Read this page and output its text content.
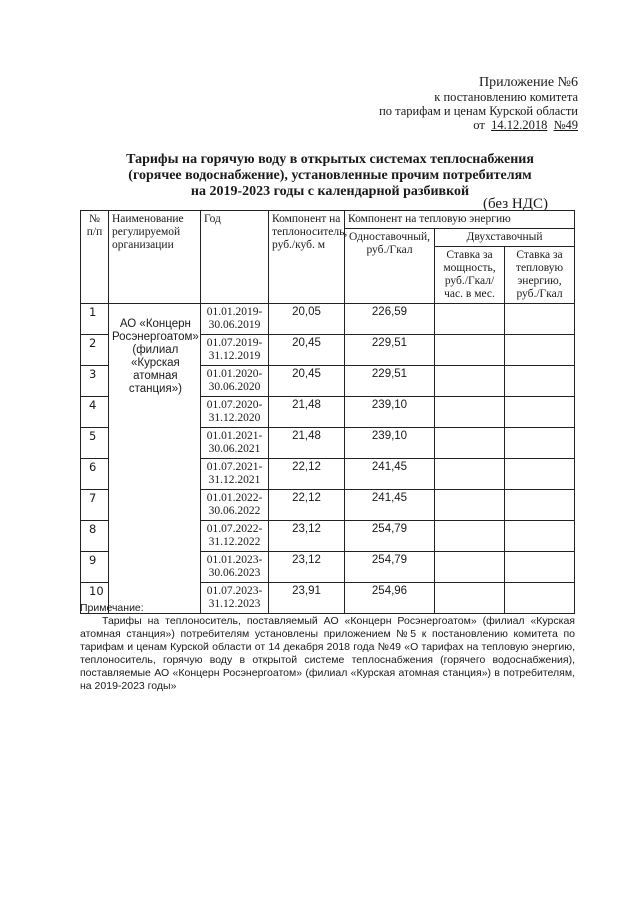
Приложение №6
к постановлению комитета
по тарифам и ценам Курской области
от 14.12.2018 №49
Тарифы на горячую воду в открытых системах теплоснабжения
(горячее водоснабжение), установленные прочим потребителям
на 2019-2023 годы с календарной разбивкой
(без НДС)
№ п/п	Наименование регулируемой организации	Год	Компонент на теплоноситель, руб./куб. м	Компонент на тепловую энергию		
				Одноставочный, руб./Гкал	Двухставочный	
					Ставка за мощность, руб./Гкал/час. в мес.	Ставка за тепловую энергию, руб./Гкал
1	АО «Концерн Росэнергоатом» (филиал «Курская атомная станция»)	01.01.2019-30.06.2019	20,05	226,59		
2		01.07.2019-31.12.2019	20,45	229,51		
3		01.01.2020-30.06.2020	20,45	229,51		
4		01.07.2020-31.12.2020	21,48	239,10		
5		01.01.2021-30.06.2021	21,48	239,10		
6		01.07.2021-31.12.2021	22,12	241,45		
7		01.01.2022-30.06.2022	22,12	241,45		
8		01.07.2022-31.12.2022	23,12	254,79		
9		01.01.2023-30.06.2023	23,12	254,79		
10		01.07.2023-31.12.2023	23,91	254,96		
Примечание:
Тарифы на теплоноситель, поставляемый АО «Концерн Росэнергоатом» (филиал «Курская атомная станция») потребителям установлены приложением №5 к постановлению комитета по тарифам и ценам Курской области от 14 декабря 2018 года №49 «О тарифах на тепловую энергию, теплоноситель, горячую воду в открытой системе теплоснабжения (горячего водоснабжения), поставляемые АО «Концерн Росэнергоатом» (филиал «Курская атомная станция») в потребителям, на 2019-2023 годы»
